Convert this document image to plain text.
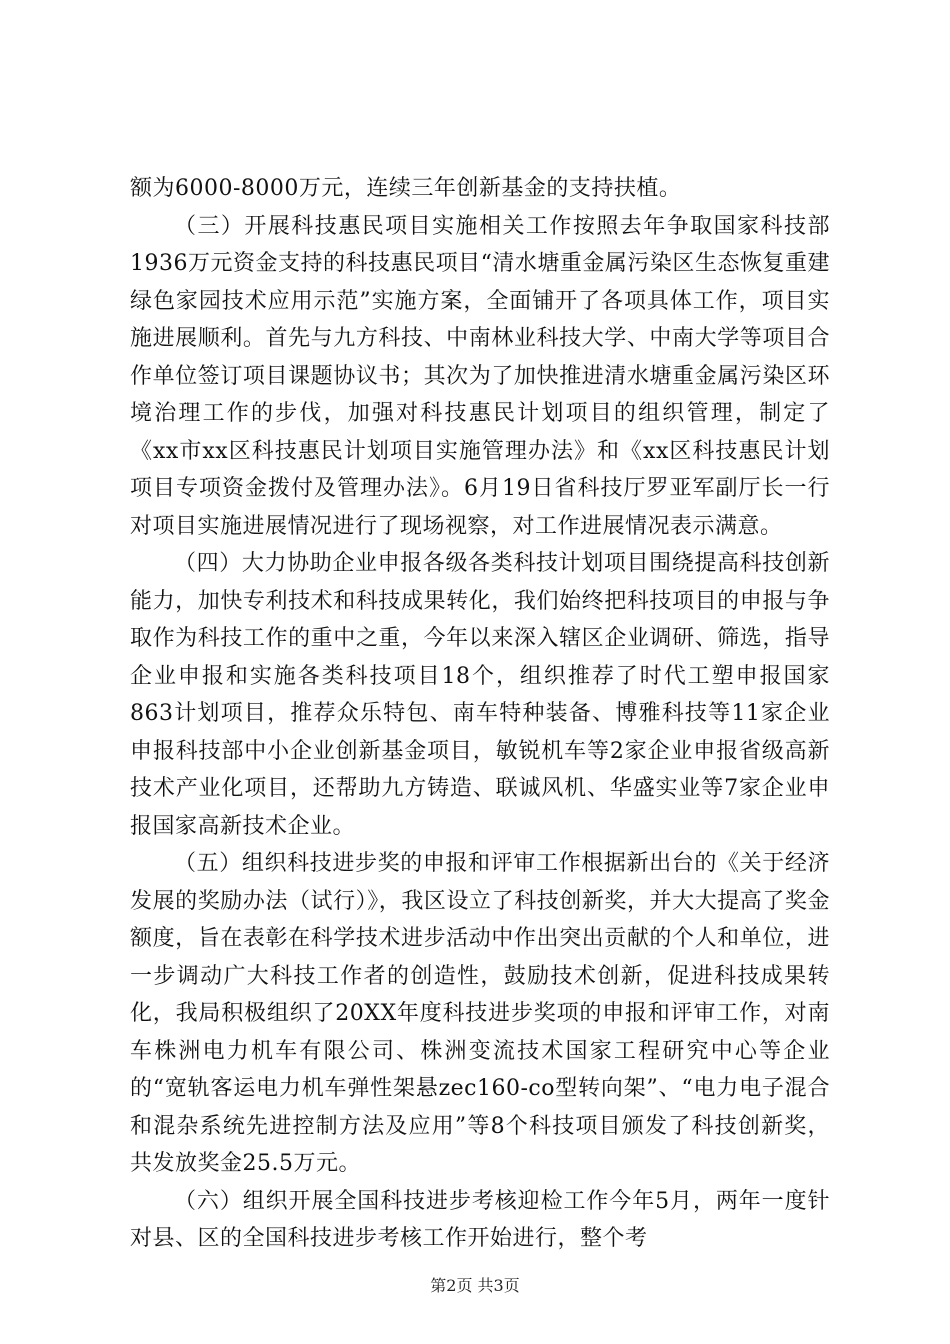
额为6000-8000万元，连续三年创新基金的支持扶植。

（三）开展科技惠民项目实施相关工作按照去年争取国家科技部1936万元资金支持的科技惠民项目“清水塘重金属污染区生态恢复重建绿色家园技术应用示范”实施方案，全面铺开了各项具体工作，项目实施进展顺利。首先与九方科技、中南林业科技大学、中南大学等项目合作单位签订项目课题协议书；其次为了加快推进清水塘重金属污染区环境治理工作的步伐，加强对科技惠民计划项目的组织管理，制定了《xx市xx区科技惠民计划项目实施管理办法》和《xx区科技惠民计划项目专项资金拨付及管理办法》。6月19日省科技厅罗亚军副厅长一行对项目实施进展情况进行了现场视察，对工作进展情况表示满意。

（四）大力协助企业申报各级各类科技计划项目围绕提高科技创新能力，加快专利技术和科技成果转化，我们始终把科技项目的申报与争取作为科技工作的重中之重，今年以来深入辖区企业调研、筛选，指导企业申报和实施各类科技项目18个，组织推荐了时代工塑申报国家863计划项目，推荐众乐特包、南车特种装备、博雅科技等11家企业申报科技部中小企业创新基金项目，敏锐机车等2家企业申报省级高新技术产业化项目，还帮助九方铸造、联诚风机、华盛实业等7家企业申报国家高新技术企业。

（五）组织科技进步奖的申报和评审工作根据新出台的《关于经济发展的奖励办法（试行）》，我区设立了科技创新奖，并大大提高了奖金额度，旨在表彰在科学技术进步活动中作出突出贡献的个人和单位，进一步调动广大科技工作者的创造性，鼓励技术创新，促进科技成果转化，我局积极组织了20XX年度科技进步奖项的申报和评审工作，对南车株洲电力机车有限公司、株洲变流技术国家工程研究中心等企业的“宽轨客运电力机车弹性架悬zec160-co型转向架”、“电力电子混合和混杂系统先进控制方法及应用”等8个科技项目颁发了科技创新奖，共发放奖金25.5万元。

（六）组织开展全国科技进步考核迎检工作今年5月，两年一度针对县、区的全国科技进步考核工作开始进行，整个考

第2页 共3页
